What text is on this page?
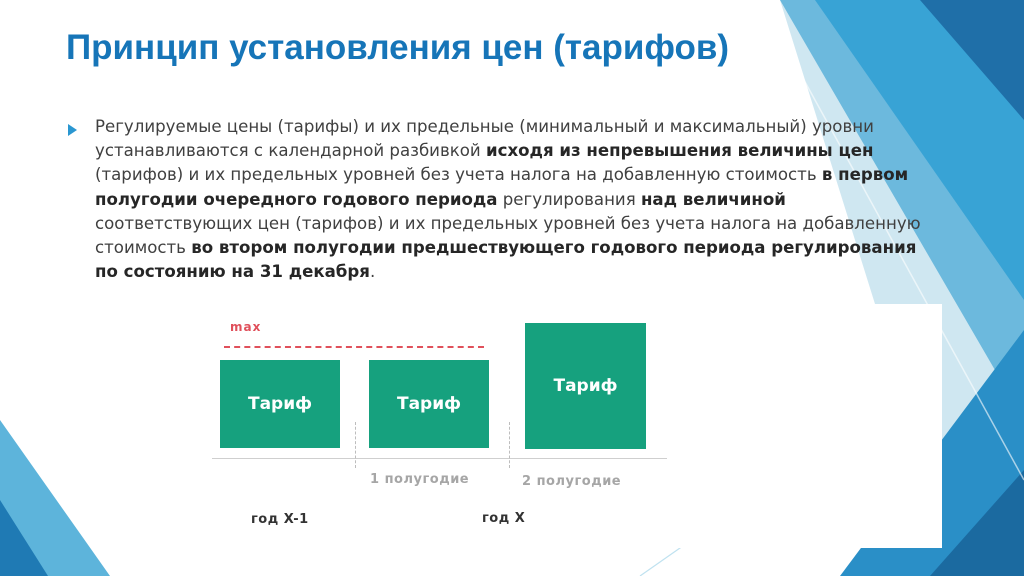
Принцип установления цен (тарифов)
Регулируемые цены (тарифы) и их предельные (минимальный и максимальный) уровни устанавливаются с календарной разбивкой исходя из непревышения величины цен (тарифов) и их предельных уровней без учета налога на добавленную стоимость в первом полугодии очередного годового периода регулирования над величиной соответствующих цен (тарифов) и их предельных уровней без учета налога на добавленную стоимость во втором полугодии предшествующего годового периода регулирования по состоянию на 31 декабря.
max
Тариф	Тариф
Тариф
1 полугодие	2 полугодие
год X-1	год X
